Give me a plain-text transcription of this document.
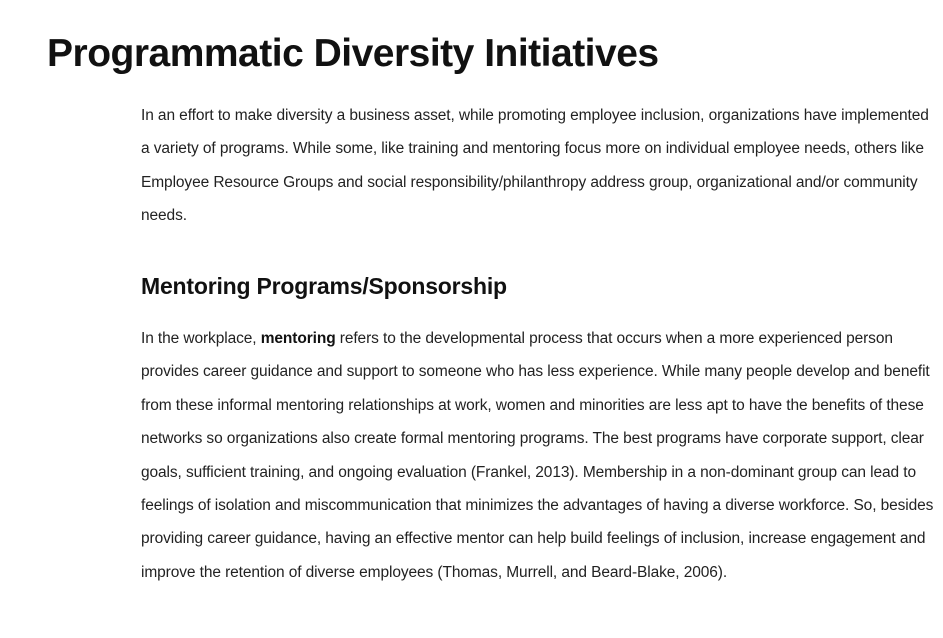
Programmatic Diversity Initiatives

In an effort to make diversity a business asset, while promoting employee inclusion, organizations have implemented a variety of programs. While some, like training and mentoring focus more on individual employee needs, others like Employee Resource Groups and social responsibility/philanthropy address group, organizational and/or community needs.

Mentoring Programs/Sponsorship

In the workplace, mentoring refers to the developmental process that occurs when a more experienced person provides career guidance and support to someone who has less experience. While many people develop and benefit from these informal mentoring relationships at work, women and minorities are less apt to have the benefits of these networks so organizations also create formal mentoring programs. The best programs have corporate support, clear goals, sufficient training, and ongoing evaluation (Frankel, 2013). Membership in a non-dominant group can lead to feelings of isolation and miscommunication that minimizes the advantages of having a diverse workforce. So, besides providing career guidance, having an effective mentor can help build feelings of inclusion, increase engagement and improve the retention of diverse employees (Thomas, Murrell, and Beard-Blake, 2006).
